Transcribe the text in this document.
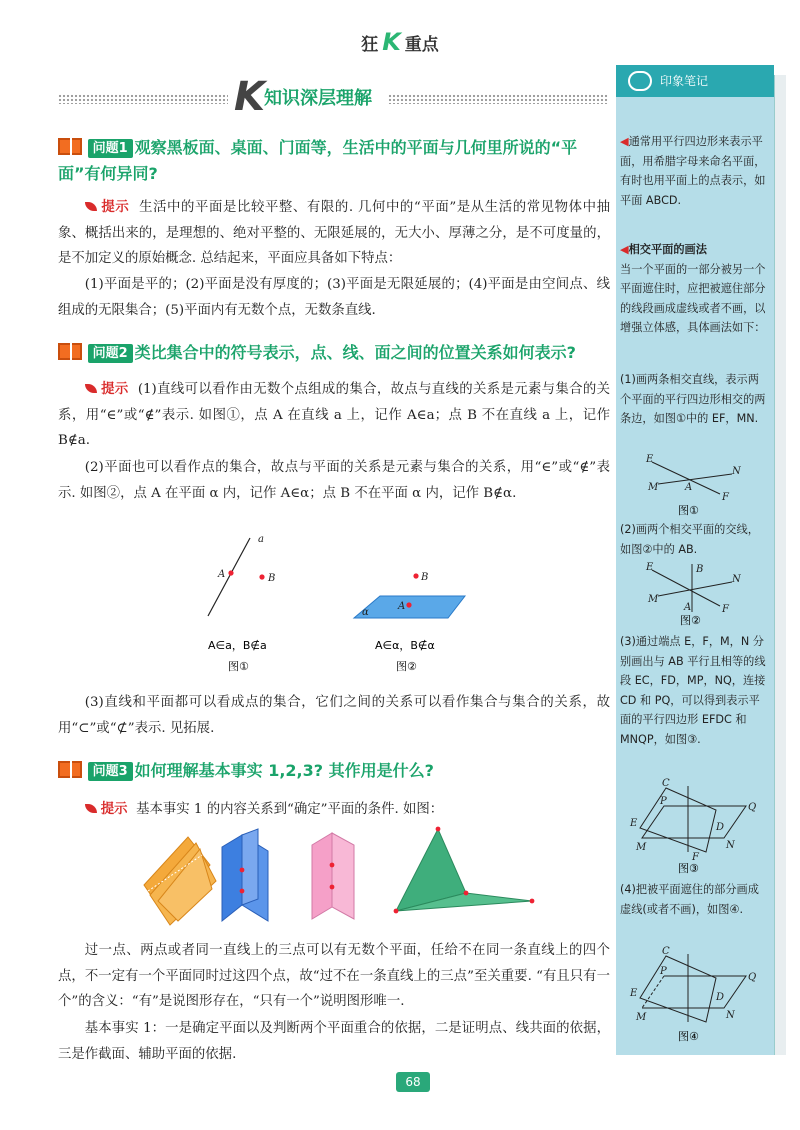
狂 K 重点
K 知识深层理解
问题1 观察黑板面、桌面、门面等，生活中的平面与几何里所说的“平面”有何异同?
提示 生活中的平面是比较平整、有限的. 几何中的“平面”是从生活的常见物体中抽象、概括出来的，是理想的、绝对平整的、无限延展的，无大小、厚薄之分，是不可度量的，是不加定义的原始概念. 总结起来，平面应具备如下特点：
(1)平面是平的；(2)平面是没有厚度的；(3)平面是无限延展的；(4)平面是由空间点、线组成的无限集合；(5)平面内有无数个点，无数条直线.
问题2 类比集合中的符号表示，点、线、面之间的位置关系如何表示?
提示 (1)直线可以看作由无数个点组成的集合，故点与直线的关系是元素与集合的关系，用“∈”或“∉”表示. 如图①，点 A 在直线 a 上，记作 A∈a；点 B 不在直线 a 上，记作 B∉a.
(2)平面也可以看作点的集合，故点与平面的关系是元素与集合的关系，用“∈”或“∉”表示. 如图②，点 A 在平面 α 内，记作 A∈α；点 B 不在平面 α 内，记作 B∉α.
a
A	B
A∈a，B∉a
图①
α
A
B
A∈α，B∉α
图②
(3)直线和平面都可以看成点的集合，它们之间的关系可以看作集合与集合的关系，故用“⊂”或“⊄”表示. 见拓展.
问题3 如何理解基本事实 1,2,3? 其作用是什么?
提示 基本事实 1 的内容关系到“确定”平面的条件. 如图：
过一点、两点或者同一直线上的三点可以有无数个平面，任给不在同一条直线上的四个点，不一定有一个平面同时过这四个点，故“过不在一条直线上的三点”至关重要. “有且只有一个”的含义：“有”是说图形存在，“只有一个”说明图形唯一.
基本事实 1：一是确定平面以及判断两个平面重合的依据，二是证明点、线共面的依据，三是作截面、辅助平面的依据.
印象笔记
◀通常用平行四边形来表示平面，用希腊字母来命名平面，有时也用平面上的点表示，如平面 ABCD.
◀相交平面的画法
当一个平面的一部分被另一个平面遮住时，应把被遮住部分的线段画成虚线或者不画，以增强立体感，具体画法如下：
(1)画两条相交直线，表示两个平面的平行四边形相交的两条边，如图①中的 EF，MN.
E
F
M
N
A
图①
(2)画两个相交平面的交线，如图②中的 AB.
E
F
M
N
A
B
图②
(3)通过端点 E，F，M，N 分别画出与 AB 平行且相等的线段 EC，FD，MP，NQ，连接 CD 和 PQ，可以得到表示平面的平行四边形 EFDC 和 MNQP，如图③.
C
P
E	D
Q
M	N
F
图③
(4)把被平面遮住的部分画成虚线(或者不画)，如图④.
C
P
E	D
Q
M	N
图④
68
